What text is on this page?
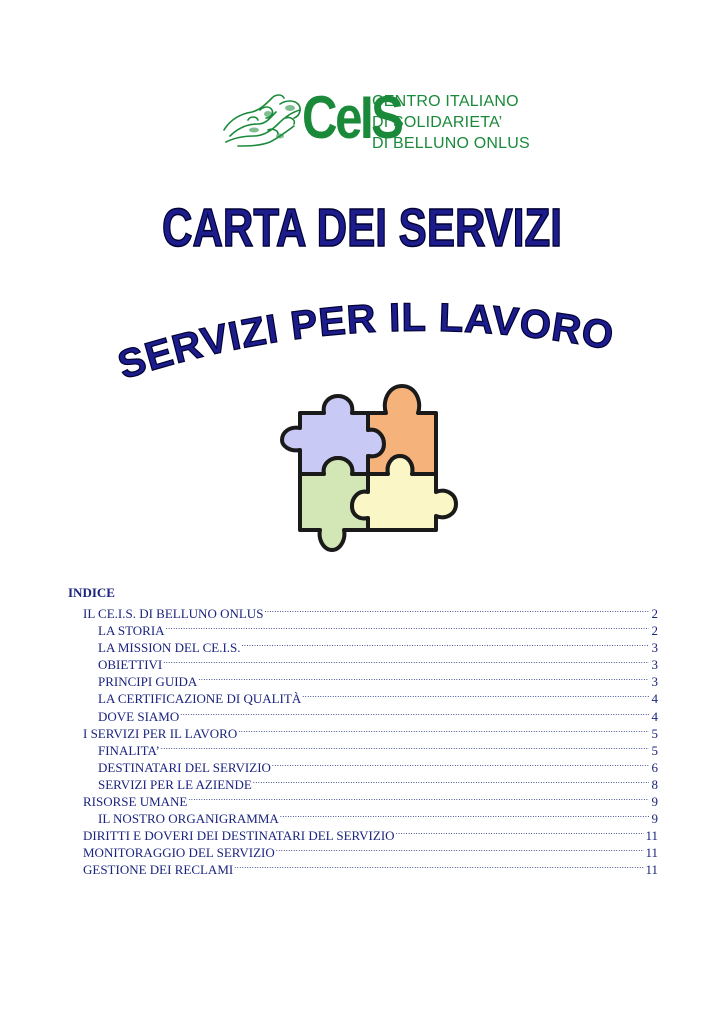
CeIS
CENTRO ITALIANO
DI SOLIDARIETA’
DI BELLUNO ONLUS
CARTA DEI SERVIZI
SERVIZI PER IL LAVORO
INDICE
IL CE.I.S. DI BELLUNO ONLUS .....	2
LA STORIA .....	2
LA MISSION DEL CE.I.S. .....	3
OBIETTIVI .....	3
PRINCIPI GUIDA .....	3
LA CERTIFICAZIONE DI QUALITÀ .....	4
DOVE SIAMO .....	4
I SERVIZI PER IL LAVORO .....	5
FINALITA’ .....	5
DESTINATARI DEL SERVIZIO .....	6
SERVIZI PER LE AZIENDE .....	8
RISORSE UMANE .....	9
IL NOSTRO ORGANIGRAMMA .....	9
DIRITTI E DOVERI DEI DESTINATARI DEL SERVIZIO .....	11
MONITORAGGIO DEL SERVIZIO .....	11
GESTIONE DEI RECLAMI .....	11
